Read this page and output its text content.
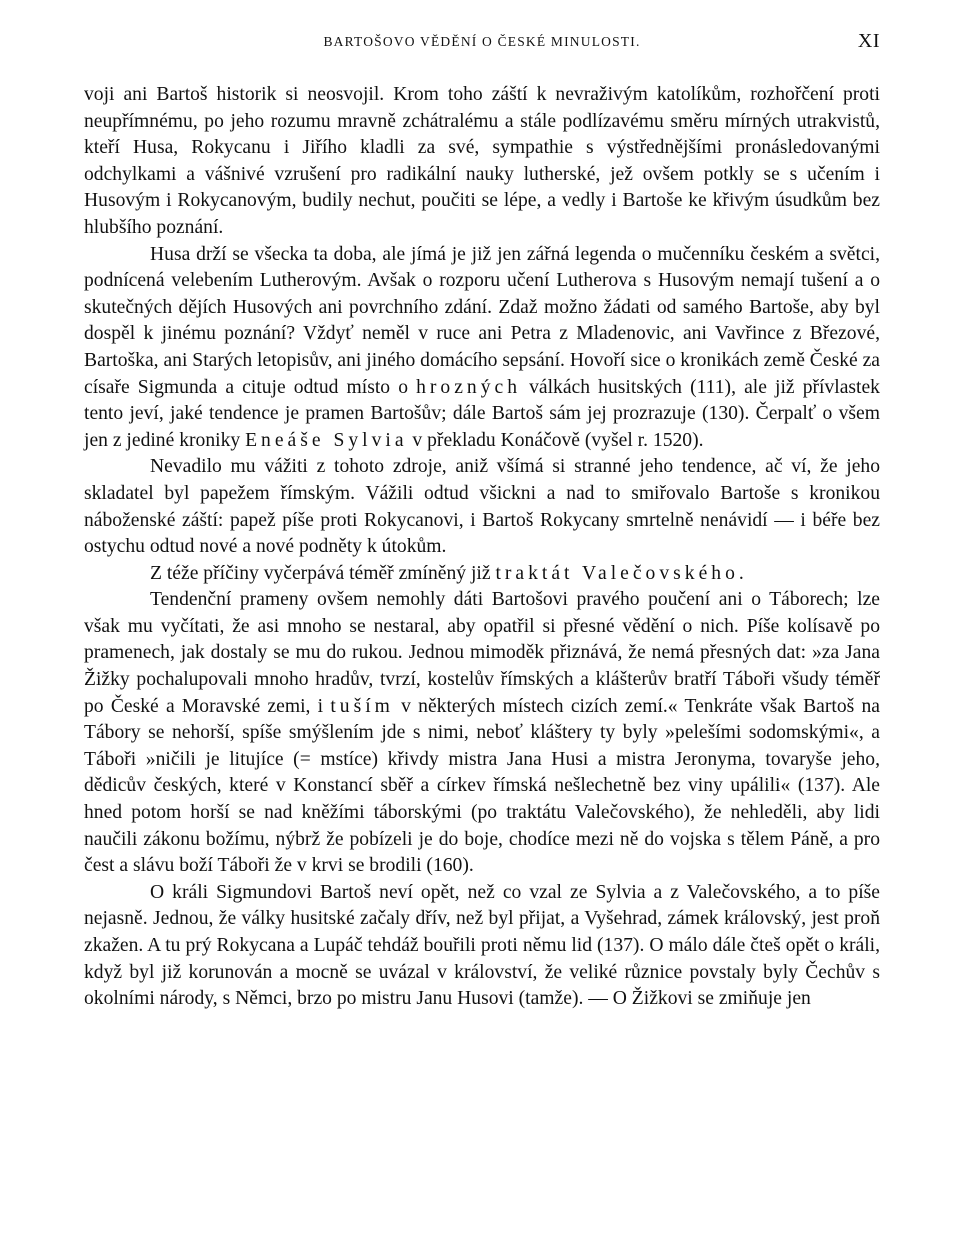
BARTOŠOVO VĚDĚNÍ O ČESKÉ MINULOSTI.	XI

voji ani Bartoš historik si neosvojil. Krom toho záští k nevraživým katolíkům, rozhořčení proti neupřímnému, po jeho rozumu mravně zchátralému a stále podlízavému směru mírných utrakvistů, kteří Husa, Rokycanu i Jiřího kladli za své, sympathie s výstřednějšími pronásledovanými odchylkami a vášnivé vzrušení pro radikální nauky lutherské, jež ovšem potkly se s učením i Husovým i Rokycanovým, budily nechut, poučiti se lépe, a vedly i Bartoše ke křivým úsudkům bez hlubšího poznání.

Husa drží se všecka ta doba, ale jímá je již jen zářná legenda o mučenníku českém a světci, podnícená velebením Lutherovým. Avšak o rozporu učení Lutherova s Husovým nemají tušení a o skutečných dějích Husových ani povrchního zdání. Zdaž možno žádati od samého Bartoše, aby byl dospěl k jinému poznání? Vždyť neměl v ruce ani Petra z Mladenovic, ani Vavřince z Březové, Bartoška, ani Starých letopisův, ani jiného domácího sepsání. Hovoří sice o kronikách země České za císaře Sigmunda a cituje odtud místo o hrozných válkách husitských (111), ale již přívlastek tento jeví, jaké tendence je pramen Bartošův; dále Bartoš sám jej prozrazuje (130). Čerpalť o všem jen z jediné kroniky Eneáše Sylvia v překladu Konáčově (vyšel r. 1520).

Nevadilo mu vážiti z tohoto zdroje, aniž všímá si stranné jeho tendence, ač ví, že jeho skladatel byl papežem římským. Vážili odtud všickni a nad to smiřovalo Bartoše s kronikou náboženské záští: papež píše proti Rokycanovi, i Bartoš Rokycany smrtelně nenávidí — i béře bez ostychu odtud nové a nové podněty k útokům.

Z téže příčiny vyčerpává téměř zmíněný již traktát Valečovského.

Tendenční prameny ovšem nemohly dáti Bartošovi pravého poučení ani o Táborech; lze však mu vyčítati, že asi mnoho se nestaral, aby opatřil si přesné vědění o nich. Píše kolísavě po pramenech, jak dostaly se mu do rukou. Jednou mimoděk přiznává, že nemá přesných dat: »za Jana Žižky pochalupovali mnoho hradův, tvrzí, kostelův římských a klášterův bratří Tábořі všudy téměř po České a Moravské zemi, i tuším v některých místech cizích zemí.« Tenkráte však Bartoš na Tábory se nehorší, spíše smýšlením jde s nimi, neboť kláštery ty byly »pelešími sodomskými«, a Tábořі »ničili je litujíce (= mstíce) křivdy mistra Jana Husi a mistra Jeronyma, tovaryše jeho, dědicův českých, které v Konstancí sběř a církev římská nešlechetně bez viny upálili« (137). Ale hned potom horší se nad kněžími táborskými (po traktátu Valečovského), že nehleděli, aby lidi naučili zákonu božímu, nýbrž že pobízeli je do boje, chodíce mezi ně do vojska s tělem Páně, a pro čest a slávu boží Tábořі že v krvi se brodili (160).

O králi Sigmundovi Bartoš neví opět, než co vzal ze Sylvia a z Valečovského, a to píše nejasně. Jednou, že války husitské začaly dřív, než byl přijat, a Vyšehrad, zámek královský, jest proň zkažen. A tu prý Rokycana a Lupáč tehdáž bouřili proti němu lid (137). O málo dále čteš opět o králi, když byl již korunován a mocně se uvázal v království, že veliké různice povstaly byly Čechův s okolními národy, s Němci, brzo po mistru Janu Husovi (tamže). — O Žižkovi se zmiňuje jen
